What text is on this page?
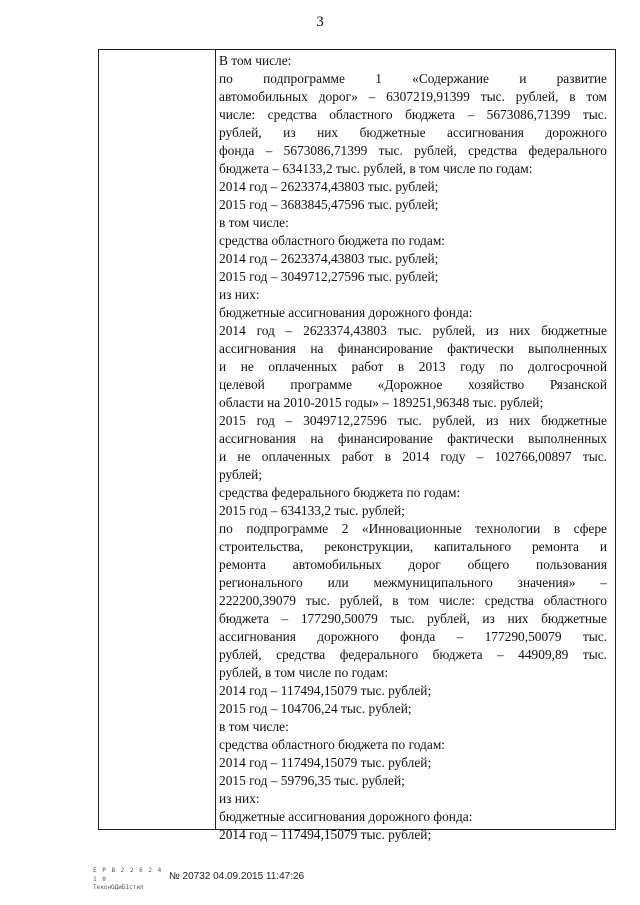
3
В том числе:
по подпрограмме 1 «Содержание и развитие
автомобильных дорог» – 6307219,91399 тыс. рублей, в том
числе: средства областного бюджета – 5673086,71399 тыс.
рублей, из них бюджетные ассигнования дорожного
фонда – 5673086,71399 тыс. рублей, средства федерального
бюджета – 634133,2 тыс. рублей, в том числе по годам:
2014 год – 2623374,43803 тыс. рублей;
2015 год – 3683845,47596 тыс. рублей;
в том числе:
средства областного бюджета по годам:
2014 год – 2623374,43803 тыс. рублей;
2015 год – 3049712,27596 тыс. рублей;
из них:
бюджетные ассигнования дорожного фонда:
2014 год – 2623374,43803 тыс. рублей, из них бюджетные
ассигнования на финансирование фактически выполненных
и не оплаченных работ в 2013 году по долгосрочной
целевой программе «Дорожное хозяйство Рязанской
области на 2010-2015 годы» – 189251,96348 тыс. рублей;
2015 год – 3049712,27596 тыс. рублей, из них бюджетные
ассигнования на финансирование фактически выполненных
и не оплаченных работ в 2014 году – 102766,00897 тыс.
рублей;
средства федерального бюджета по годам:
2015 год – 634133,2 тыс. рублей;
по подпрограмме 2 «Инновационные технологии в сфере
строительства, реконструкции, капитального ремонта и
ремонта автомобильных дорог общего пользования
регионального или межмуниципального значения» –
222200,39079 тыс. рублей, в том числе: средства областного
бюджета – 177290,50079 тыс. рублей, из них бюджетные
ассигнования дорожного фонда – 177290,50079 тыс.
рублей, средства федерального бюджета – 44909,89 тыс.
рублей, в том числе по годам:
2014 год – 117494,15079 тыс. рублей;
2015 год – 104706,24 тыс. рублей;
в том числе:
средства областного бюджета по годам:
2014 год – 117494,15079 тыс. рублей;
2015 год – 59796,35 тыс. рублей;
из них:
бюджетные ассигнования дорожного фонда:
2014 год – 117494,15079 тыс. рублей;
E P B 2 2 6 2 4 1 0
ТеконОДиБ1стил
№ 20732 04.09.2015 11:47:26
